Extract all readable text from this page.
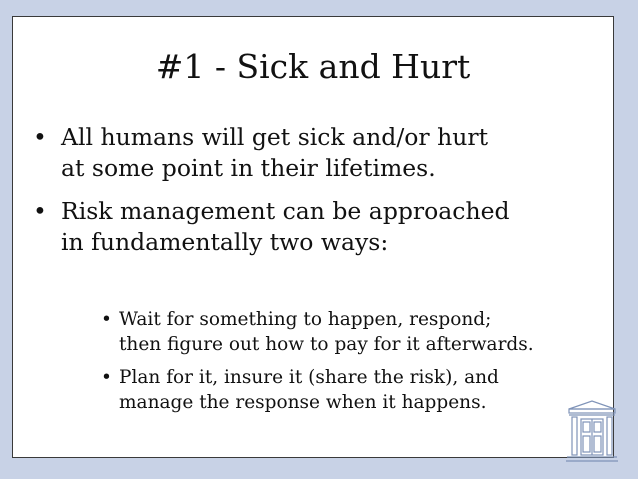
#1 - Sick and Hurt
• All humans will get sick and/or hurt
at some point in their lifetimes.
• Risk management can be approached
in fundamentally two ways:
• Wait for something to happen, respond;
then figure out how to pay for it afterwards.
• Plan for it, insure it (share the risk), and
manage the response when it happens.
